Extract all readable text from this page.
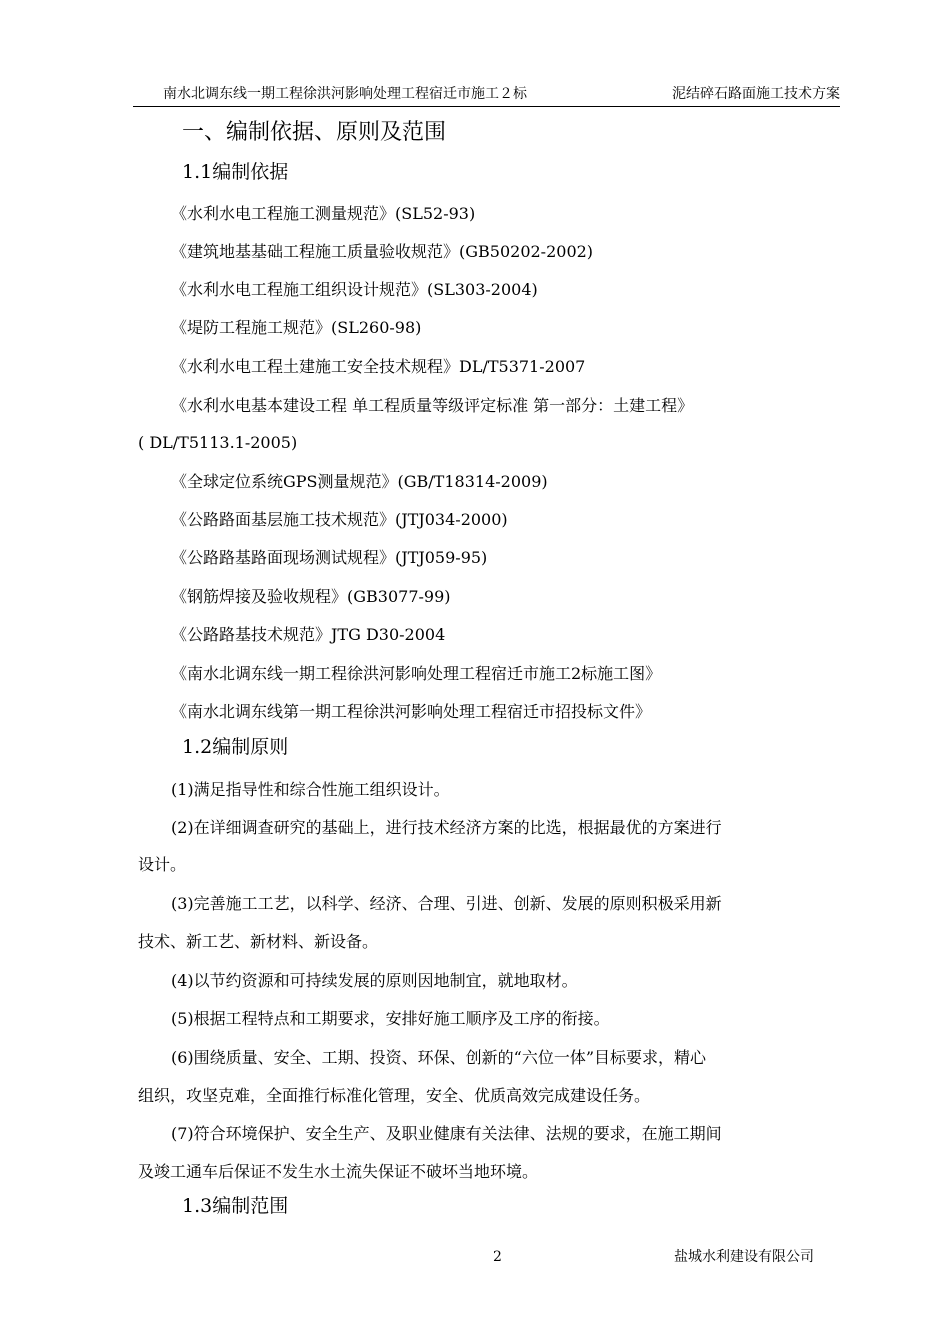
南水北调东线一期工程徐洪河影响处理工程宿迁市施工２标	泥结碎石路面施工技术方案
一、编制依据、原则及范围
1.1编制依据
《水利水电工程施工测量规范》(SL52-93)
《建筑地基基础工程施工质量验收规范》(GB50202-2002)
《水利水电工程施工组织设计规范》(SL303-2004)
《堤防工程施工规范》(SL260-98)
《水利水电工程土建施工安全技术规程》DL/T5371-2007
《水利水电基本建设工程 单工程质量等级评定标准 第一部分：土建工程》
( DL/T5113.1-2005)
《全球定位系统GPS测量规范》(GB/T18314-2009)
《公路路面基层施工技术规范》(JTJ034-2000)
《公路路基路面现场测试规程》(JTJ059-95)
《钢筋焊接及验收规程》(GB3077-99)
《公路路基技术规范》JTG D30-2004
《南水北调东线一期工程徐洪河影响处理工程宿迁市施工2标施工图》
《南水北调东线第一期工程徐洪河影响处理工程宿迁市招投标文件》
1.2编制原则
(1)满足指导性和综合性施工组织设计。
(2)在详细调查研究的基础上，进行技术经济方案的比选，根据最优的方案进行
设计。
(3)完善施工工艺，以科学、经济、合理、引进、创新、发展的原则积极采用新
技术、新工艺、新材料、新设备。
(4)以节约资源和可持续发展的原则因地制宜，就地取材。
(5)根据工程特点和工期要求，安排好施工顺序及工序的衔接。
(6)围绕质量、安全、工期、投资、环保、创新的“六位一体”目标要求，精心
组织，攻坚克难，全面推行标准化管理，安全、优质高效完成建设任务。
(7)符合环境保护、安全生产、及职业健康有关法律、法规的要求，在施工期间
及竣工通车后保证不发生水土流失保证不破坏当地环境。
1.3编制范围
2	盐城水利建设有限公司
